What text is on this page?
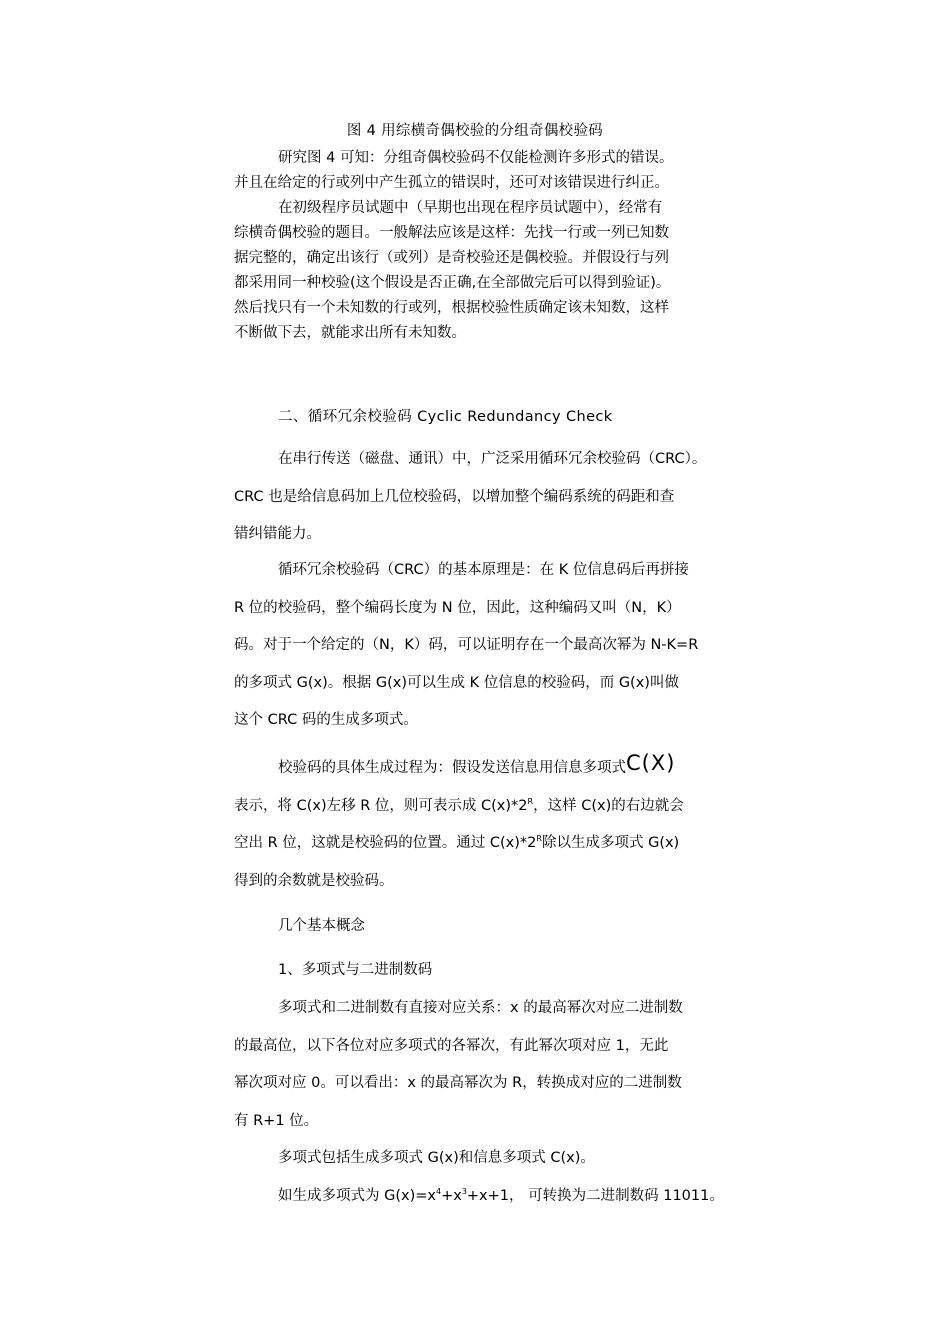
图 4 用综横奇偶校验的分组奇偶校验码
研究图 4 可知：分组奇偶校验码不仅能检测许多形式的错误。
并且在给定的行或列中产生孤立的错误时，还可对该错误进行纠正。
在初级程序员试题中（早期也出现在程序员试题中），经常有
综横奇偶校验的题目。一般解法应该是这样：先找一行或一列已知数
据完整的，确定出该行（或列）是奇校验还是偶校验。并假设行与列
都采用同一种校验(这个假设是否正确,在全部做完后可以得到验证)。
然后找只有一个未知数的行或列，根据校验性质确定该未知数，这样
不断做下去，就能求出所有未知数。
二、循环冗余校验码 Cyclic Redundancy Check
在串行传送（磁盘、通讯）中，广泛采用循环冗余校验码（CRC）。
CRC 也是给信息码加上几位校验码，以增加整个编码系统的码距和查
错纠错能力。
循环冗余校验码（CRC）的基本原理是：在 K 位信息码后再拼接
R 位的校验码，整个编码长度为 N 位，因此，这种编码又叫（N，K）
码。对于一个给定的（N，K）码，可以证明存在一个最高次幂为 N-K=R
的多项式 G(x)。根据 G(x)可以生成 K 位信息的校验码，而 G(x)叫做
这个 CRC 码的生成多项式。
校验码的具体生成过程为：假设发送信息用信息多项式C(X)
表示，将 C(x)左移 R 位，则可表示成 $C(x)*2^R$，这样 C(x)的右边就会
空出 R 位，这就是校验码的位置。通过 $C(x)*2^R$除以生成多项式 G(x)
得到的余数就是校验码。
几个基本概念
1、多项式与二进制数码
多项式和二进制数有直接对应关系：x 的最高幂次对应二进制数
的最高位，以下各位对应多项式的各幂次，有此幂次项对应 1，无此
幂次项对应 0。可以看出：x 的最高幂次为 R，转换成对应的二进制数
有 R+1 位。
多项式包括生成多项式 G(x)和信息多项式 C(x)。
如生成多项式为 $G(x)=x^4+x^3+x+1$， 可转换为二进制数码 11011。
